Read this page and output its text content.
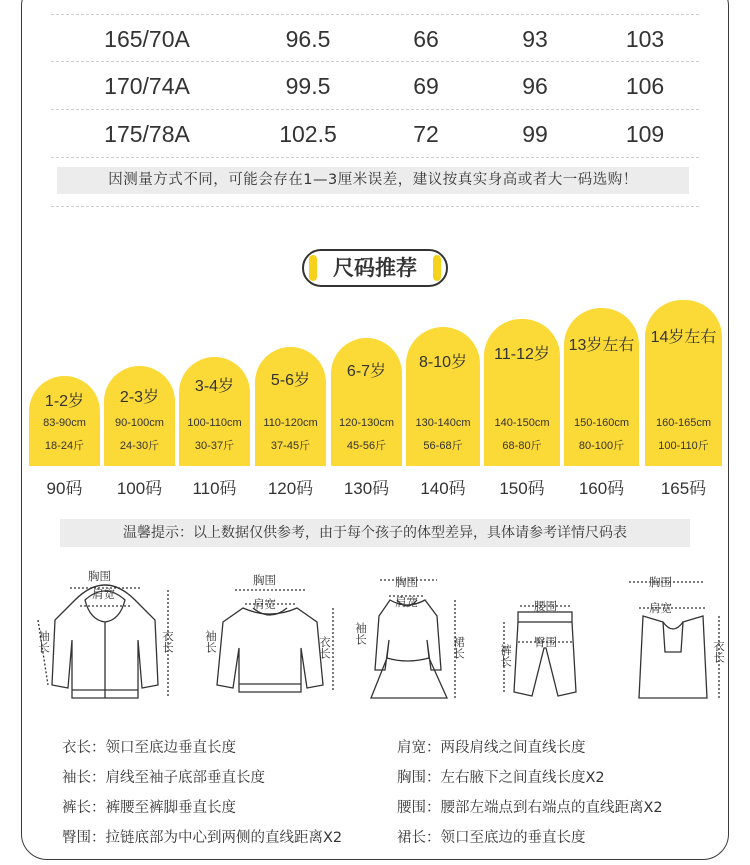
165/70A	96.5	66	93	103
170/74A	99.5	69	96	106
175/78A	102.5	72	99	109
因测量方式不同，可能会存在1—3厘米误差，建议按真实身高或者大一码选购！
尺码推荐
1-2岁
83-90cm
18-24斤
90码
2-3岁
90-100cm
24-30斤
100码
3-4岁
100-110cm
30-37斤
110码
5-6岁
110-120cm
37-45斤
120码
6-7岁
120-130cm
45-56斤
130码
8-10岁
130-140cm
56-68斤
140码
11-12岁
140-150cm
68-80斤
150码
13岁左右
150-160cm
80-100斤
160码
14岁左右
160-165cm
100-110斤
165码
温馨提示：以上数据仅供参考，由于每个孩子的体型差异，具体请参考详情尺码表
胸围
肩宽
袖长	衣长
胸围
肩宽
袖长	衣长
胸围
肩宽
袖长
裙长
腰围
臀围
裤长
胸围
肩宽
衣长
衣长：领口至底边垂直长度	肩宽：两段肩线之间直线长度
袖长：肩线至袖子底部垂直长度	胸围：左右腋下之间直线长度X2
裤长：裤腰至裤脚垂直长度	腰围：腰部左端点到右端点的直线距离X2
臀围：拉链底部为中心到两侧的直线距离X2	裙长：领口至底边的垂直长度
